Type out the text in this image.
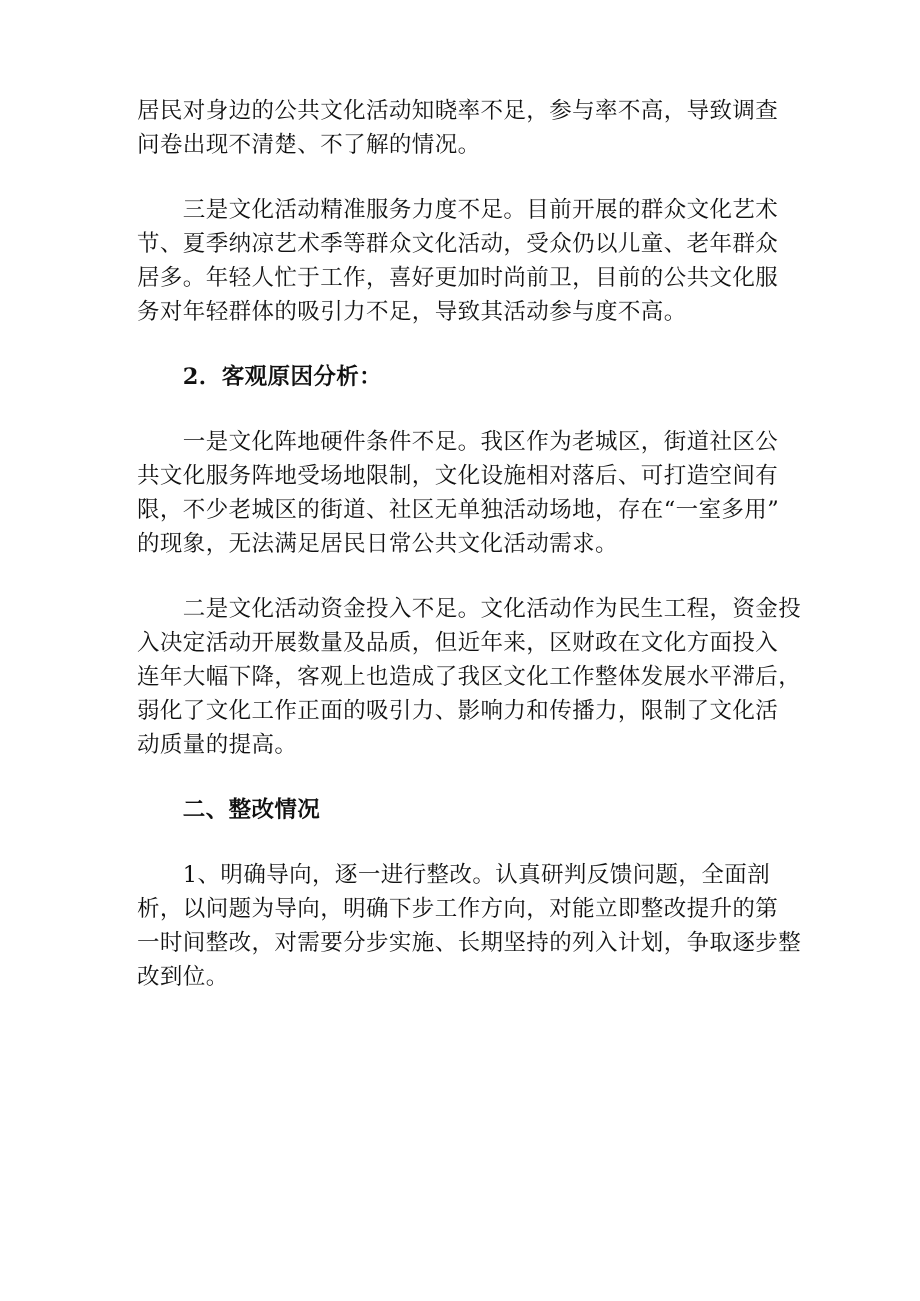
居民对身边的公共文化活动知晓率不足，参与率不高，导致调查
问卷出现不清楚、不了解的情况。
　　三是文化活动精准服务力度不足。目前开展的群众文化艺术
节、夏季纳凉艺术季等群众文化活动，受众仍以儿童、老年群众
居多。年轻人忙于工作，喜好更加时尚前卫，目前的公共文化服
务对年轻群体的吸引力不足，导致其活动参与度不高。
　　2．客观原因分析：
　　一是文化阵地硬件条件不足。我区作为老城区，街道社区公
共文化服务阵地受场地限制，文化设施相对落后、可打造空间有
限，不少老城区的街道、社区无单独活动场地，存在“一室多用”
的现象，无法满足居民日常公共文化活动需求。
　　二是文化活动资金投入不足。文化活动作为民生工程，资金投
入决定活动开展数量及品质，但近年来，区财政在文化方面投入
连年大幅下降，客观上也造成了我区文化工作整体发展水平滞后，
弱化了文化工作正面的吸引力、影响力和传播力，限制了文化活
动质量的提高。
　　二、整改情况
　　1、明确导向，逐一进行整改。认真研判反馈问题，全面剖
析，以问题为导向，明确下步工作方向，对能立即整改提升的第
一时间整改，对需要分步实施、长期坚持的列入计划，争取逐步整
改到位。
